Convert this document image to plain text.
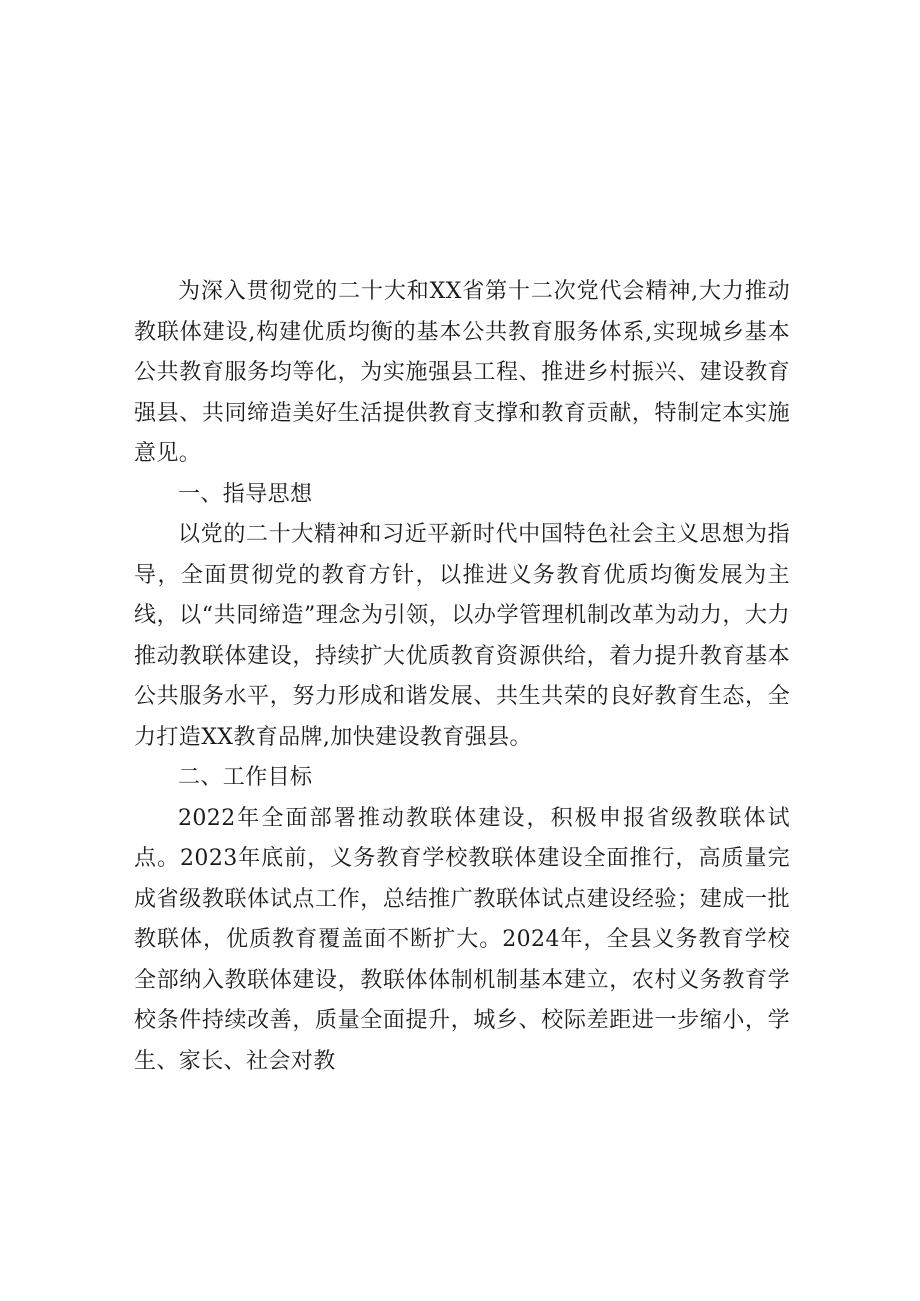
为深入贯彻党的二十大和XX省第十二次党代会精神,大力推动教联体建设,构建优质均衡的基本公共教育服务体系,实现城乡基本公共教育服务均等化，为实施强县工程、推进乡村振兴、建设教育强县、共同缔造美好生活提供教育支撑和教育贡献，特制定本实施意见。

一、指导思想

以党的二十大精神和习近平新时代中国特色社会主义思想为指导，全面贯彻党的教育方针，以推进义务教育优质均衡发展为主线，以“共同缔造”理念为引领，以办学管理机制改革为动力，大力推动教联体建设，持续扩大优质教育资源供给，着力提升教育基本公共服务水平，努力形成和谐发展、共生共荣的良好教育生态，全力打造XX教育品牌,加快建设教育强县。

二、工作目标

2022年全面部署推动教联体建设，积极申报省级教联体试点。2023年底前，义务教育学校教联体建设全面推行，高质量完成省级教联体试点工作，总结推广教联体试点建设经验；建成一批教联体，优质教育覆盖面不断扩大。2024年，全县义务教育学校全部纳入教联体建设，教联体体制机制基本建立，农村义务教育学校条件持续改善，质量全面提升，城乡、校际差距进一步缩小，学生、家长、社会对教
